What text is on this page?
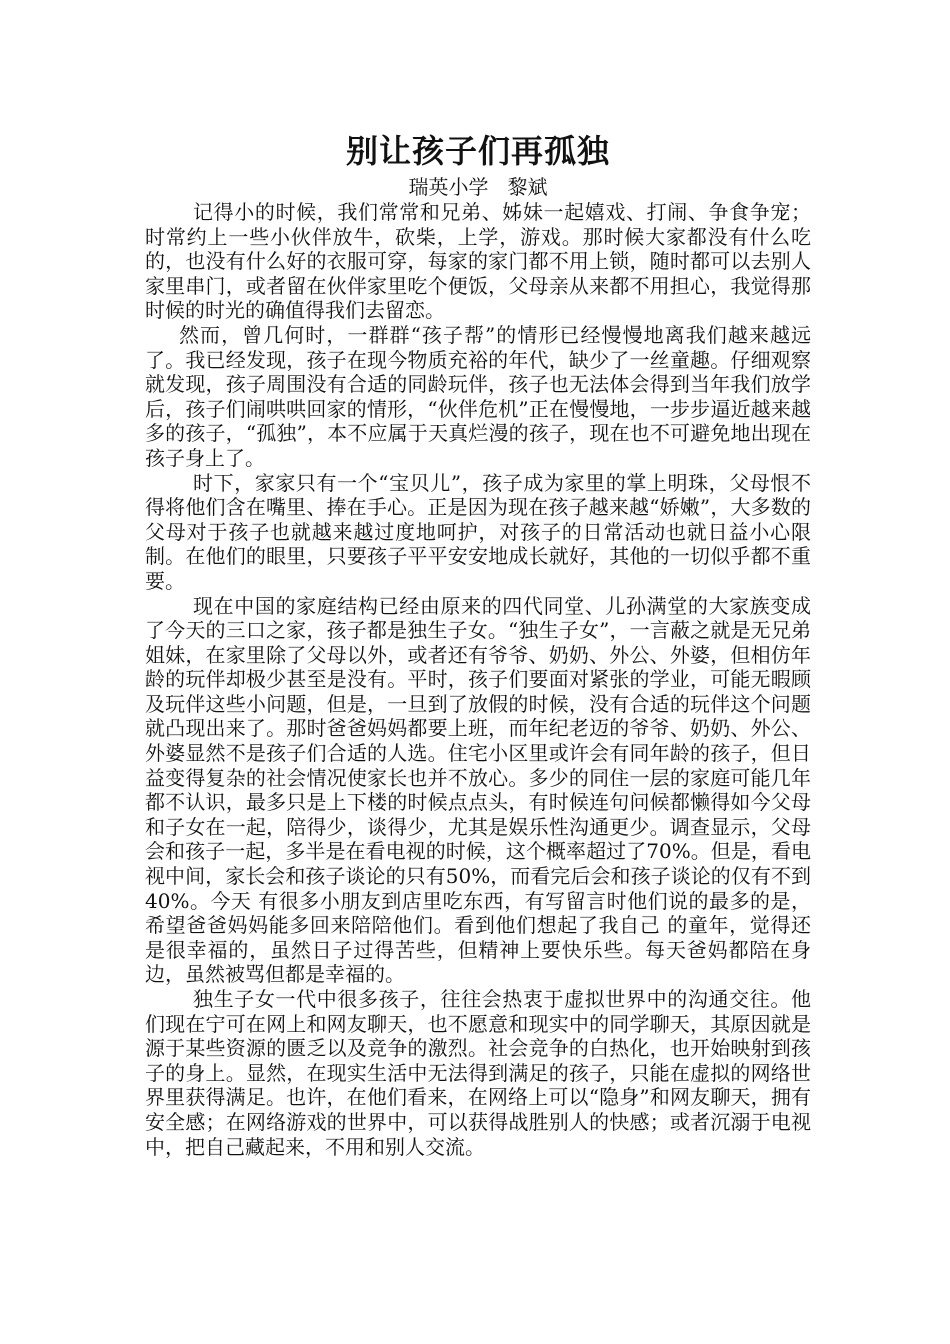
别让孩子们再孤独

瑞英小学   黎斌

记得小的时候，我们常常和兄弟、姊妹一起嬉戏、打闹、争食争宠；时常约上一些小伙伴放牛，砍柴，上学，游戏。那时候大家都没有什么吃的，也没有什么好的衣服可穿，每家的家门都不用上锁，随时都可以去别人家里串门，或者留在伙伴家里吃个便饭，父母亲从来都不用担心，我觉得那时候的时光的确值得我们去留恋。

然而，曾几何时，一群群“孩子帮”的情形已经慢慢地离我们越来越远了。我已经发现，孩子在现今物质充裕的年代，缺少了一丝童趣。仔细观察就发现，孩子周围没有合适的同龄玩伴，孩子也无法体会得到当年我们放学后，孩子们闹哄哄回家的情形，“伙伴危机”正在慢慢地，一步步逼近越来越多的孩子，“孤独”，本不应属于天真烂漫的孩子，现在也不可避免地出现在孩子身上了。

时下，家家只有一个“宝贝儿”，孩子成为家里的掌上明珠，父母恨不得将他们含在嘴里、捧在手心。正是因为现在孩子越来越“娇嫩”，大多数的父母对于孩子也就越来越过度地呵护，对孩子的日常活动也就日益小心限制。在他们的眼里，只要孩子平平安安地成长就好，其他的一切似乎都不重要。

现在中国的家庭结构已经由原来的四代同堂、儿孙满堂的大家族变成了今天的三口之家，孩子都是独生子女。“独生子女”，一言蔽之就是无兄弟姐妹，在家里除了父母以外，或者还有爷爷、奶奶、外公、外婆，但相仿年龄的玩伴却极少甚至是没有。平时，孩子们要面对紧张的学业，可能无暇顾及玩伴这些小问题，但是，一旦到了放假的时候，没有合适的玩伴这个问题就凸现出来了。那时爸爸妈妈都要上班，而年纪老迈的爷爷、奶奶、外公、外婆显然不是孩子们合适的人选。住宅小区里或许会有同年龄的孩子，但日益变得复杂的社会情况使家长也并不放心。多少的同住一层的家庭可能几年都不认识，最多只是上下楼的时候点点头，有时候连句问候都懒得如今父母和子女在一起，陪得少，谈得少，尤其是娱乐性沟通更少。调查显示，父母会和孩子一起，多半是在看电视的时候，这个概率超过了70%。但是，看电视中间，家长会和孩子谈论的只有50%，而看完后会和孩子谈论的仅有不到40%。今天 有很多小朋友到店里吃东西，有写留言时他们说的最多的是，希望爸爸妈妈能多回来陪陪他们。看到他们想起了我自己 的童年，觉得还是很幸福的，虽然日子过得苦些，但精神上要快乐些。每天爸妈都陪在身边，虽然被骂但都是幸福的。

独生子女一代中很多孩子，往往会热衷于虚拟世界中的沟通交往。他们现在宁可在网上和网友聊天，也不愿意和现实中的同学聊天，其原因就是源于某些资源的匮乏以及竞争的激烈。社会竞争的白热化，也开始映射到孩子的身上。显然，在现实生活中无法得到满足的孩子，只能在虚拟的网络世界里获得满足。也许，在他们看来，在网络上可以“隐身”和网友聊天，拥有安全感；在网络游戏的世界中，可以获得战胜别人的快感；或者沉溺于电视中，把自己藏起来，不用和别人交流。
